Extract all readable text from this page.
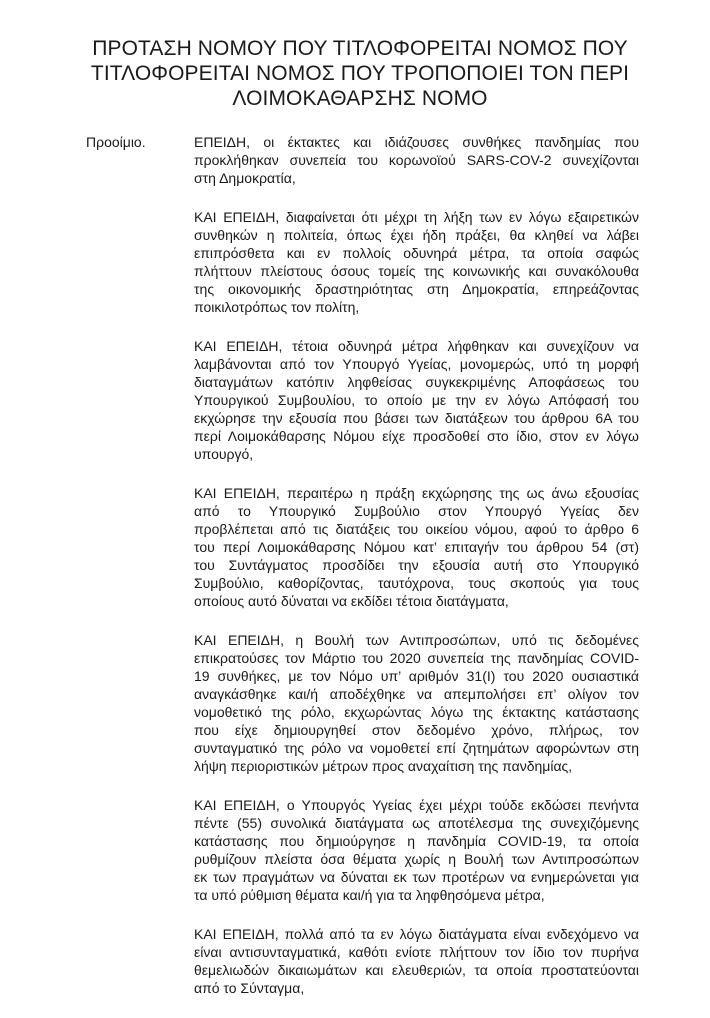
ΠΡΟΤΑΣΗ ΝΟΜΟΥ ΠΟΥ ΤΙΤΛΟΦΟΡΕΙΤΑΙ ΝΟΜΟΣ ΠΟΥ
ΤΙΤΛΟΦΟΡΕΙΤΑΙ ΝΟΜΟΣ ΠΟΥ ΤΡΟΠΟΠΟΙΕΙ ΤΟΝ ΠΕΡΙ
ΛΟΙΜΟΚΑΘΑΡΣΗΣ ΝΟΜΟ
Προοίμιο.	ΕΠΕΙΔΗ, οι έκτακτες και ιδιάζουσες συνθήκες πανδημίας που
προκλήθηκαν συνεπεία του κορωνοϊού SARS-COV-2 συνεχίζονται
στη Δημοκρατία,
ΚΑΙ ΕΠΕΙΔΗ, διαφαίνεται ότι μέχρι τη λήξη των εν λόγω εξαιρετικών
συνθηκών η πολιτεία, όπως έχει ήδη πράξει, θα κληθεί να λάβει
επιπρόσθετα και εν πολλοίς οδυνηρά μέτρα, τα οποία σαφώς
πλήττουν πλείστους όσους τομείς της κοινωνικής και συνακόλουθα
της οικονομικής δραστηριότητας στη Δημοκρατία, επηρεάζοντας
ποικιλοτρόπως τον πολίτη,
ΚΑΙ ΕΠΕΙΔΗ, τέτοια οδυνηρά μέτρα λήφθηκαν και συνεχίζουν να
λαμβάνονται από τον Υπουργό Υγείας, μονομερώς, υπό τη μορφή
διαταγμάτων κατόπιν ληφθείσας συγκεκριμένης Αποφάσεως του
Υπουργικού Συμβουλίου, το οποίο με την εν λόγω Απόφασή του
εκχώρησε την εξουσία που βάσει των διατάξεων του άρθρου 6Α του
περί Λοιμοκάθαρσης Νόμου είχε προσδοθεί στο ίδιο, στον εν λόγω
υπουργό,
ΚΑΙ ΕΠΕΙΔΗ, περαιτέρω η πράξη εκχώρησης της ως άνω εξουσίας
από το Υπουργικό Συμβούλιο στον Υπουργό Υγείας δεν
προβλέπεται από τις διατάξεις του οικείου νόμου, αφού το άρθρο 6
του περί Λοιμοκάθαρσης Νόμου κατ’ επιταγήν του άρθρου 54 (στ)
του Συντάγματος προσδίδει την εξουσία αυτή στο Υπουργικό
Συμβούλιο, καθορίζοντας, ταυτόχρονα, τους σκοπούς για τους
οποίους αυτό δύναται να εκδίδει τέτοια διατάγματα,
ΚΑΙ ΕΠΕΙΔΗ, η Βουλή των Αντιπροσώπων, υπό τις δεδομένες
επικρατούσες τον Μάρτιο του 2020 συνεπεία της πανδημίας COVID-
19 συνθήκες, με τον Νόμο υπ’ αριθμόν 31(Ι) του 2020 ουσιαστικά
αναγκάσθηκε και/ή αποδέχθηκε να απεμπολήσει επ’ ολίγον τον
νομοθετικό της ρόλο, εκχωρώντας λόγω της έκτακτης κατάστασης
που είχε δημιουργηθεί στον δεδομένο χρόνο, πλήρως, τον
συνταγματικό της ρόλο να νομοθετεί επί ζητημάτων αφορώντων στη
λήψη περιοριστικών μέτρων προς αναχαίτιση της πανδημίας,
ΚΑΙ ΕΠΕΙΔΗ, ο Υπουργός Υγείας έχει μέχρι τούδε εκδώσει πενήντα
πέντε (55) συνολικά διατάγματα ως αποτέλεσμα της συνεχιζόμενης
κατάστασης που δημιούργησε η πανδημία COVID-19, τα οποία
ρυθμίζουν πλείστα όσα θέματα χωρίς η Βουλή των Αντιπροσώπων
εκ των πραγμάτων να δύναται εκ των προτέρων να ενημερώνεται για
τα υπό ρύθμιση θέματα και/ή για τα ληφθησόμενα μέτρα,
ΚΑΙ ΕΠΕΙΔΗ, πολλά από τα εν λόγω διατάγματα είναι ενδεχόμενο να
είναι αντισυνταγματικά, καθότι ενίοτε πλήττουν τον ίδιο τον πυρήνα
θεμελιωδών δικαιωμάτων και ελευθεριών, τα οποία προστατεύονται
από το Σύνταγμα,
